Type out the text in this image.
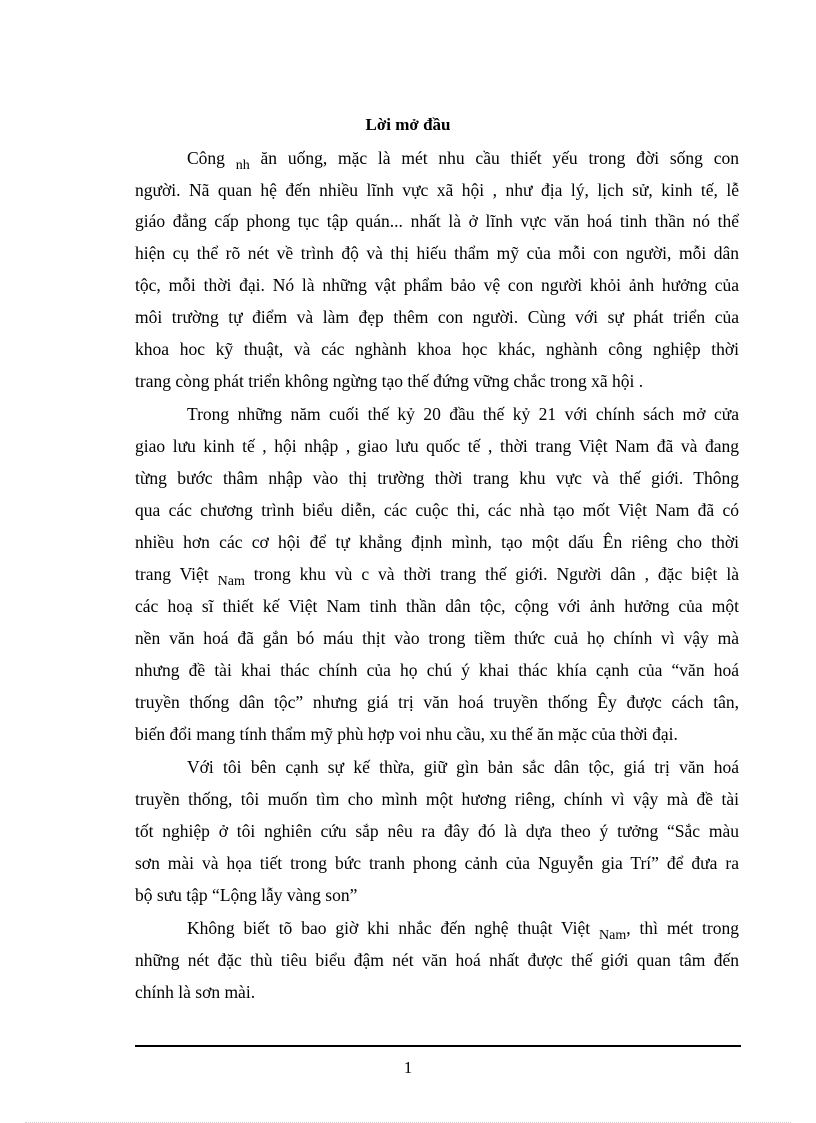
Lời mở đầu
Công $_{nh}$ ăn uống, mặc là mét nhu cầu thiết yếu trong đời sống con
người. Nã quan hệ đến nhiều lĩnh vực xã hội , như địa lý, lịch sử, kinh tế, lễ
giáo đẳng cấp phong tục tập quán... nhất là ở lĩnh vực văn hoá tinh thần nó thể
hiện cụ thể rõ nét về trình độ và thị hiếu thẩm mỹ của mỗi con người, mỗi dân
tộc, mỗi thời đại. Nó là những vật phẩm bảo vệ con người khỏi ảnh hưởng của
môi trường tự điểm và làm đẹp thêm con người. Cùng với sự phát triển của
khoa hoc kỹ thuật, và các nghành khoa học khác, nghành công nghiệp thời
trang còng phát triển không ngừng tạo thế đứng vững chắc trong xã hội .
Trong những năm cuối thế kỷ 20 đầu thế kỷ 21 với chính sách mở cửa
giao lưu kinh tế , hội nhập , giao lưu quốc tế , thời trang Việt Nam đã và đang
từng bước thâm nhập vào thị trường thời trang khu vực và thế giới. Thông
qua các chương trình biểu diễn, các cuộc thi, các nhà tạo mốt Việt Nam đã có
nhiều hơn các cơ hội để tự khẳng định mình, tạo một dấu Ên riêng cho thời
trang Việt $_{Nam}$ trong khu vù c và thời trang thế giới. Người dân , đặc biệt là
các hoạ sĩ thiết kế Việt Nam tinh thần dân tộc, cộng với ảnh hưởng của một
nền văn hoá đã gắn bó máu thịt vào trong tiềm thức cuả họ chính vì vậy mà
nhưng đề tài khai thác chính của họ chú ý khai thác khía cạnh của “văn hoá
truyền thống dân tộc” nhưng giá trị văn hoá truyền thống Êy được cách tân,
biến đổi mang tính thẩm mỹ phù hợp voi nhu cầu, xu thế ăn mặc của thời đại.
Với tôi bên cạnh sự kế thừa, giữ gìn bản sắc dân tộc, giá trị văn hoá
truyền thống, tôi muốn tìm cho mình một hương riêng, chính vì vậy mà đề tài
tốt nghiệp ở tôi nghiên cứu sắp nêu ra đây đó là dựa theo ý tưởng “Sắc màu
sơn mài và họa tiết trong bức tranh phong cảnh của Nguyễn gia Trí” để đưa ra
bộ sưu tập “Lộng lẫy vàng son”
Không biết tõ bao giờ khi nhắc đến nghệ thuật Việt $_{Nam}$, thì mét trong
những nét đặc thù tiêu biểu đậm nét văn hoá nhất được thế giới quan tâm đến
chính là sơn mài.
1
